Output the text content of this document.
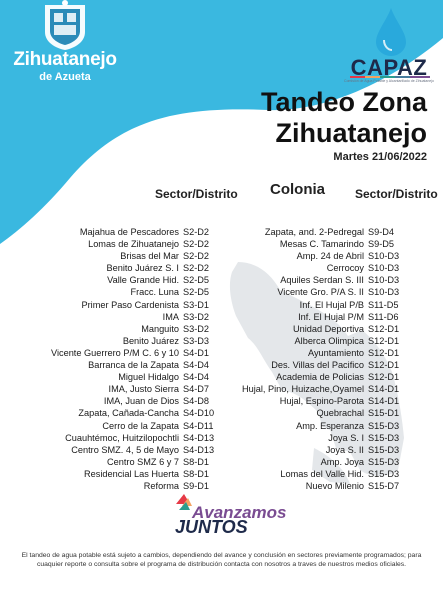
Zihuatanejo
de Azueta	CAPAZ
Comisión de Agua Potable y Alcantarillado de Zihuatanejo
Tandeo Zona
Zihuatanejo
Martes 21/06/2022
Sector/Distrito Colonia	Sector/Distrito
Majahua de Pescadores
Lomas de Zihuatanejo
Brisas del Mar
Benito Juárez S. I
Valle Grande Hid.
Fracc. Luna
Primer Paso Cardenista
IMA
Manguito
Benito Juárez
Vicente Guerrero P/M C. 6 y 10
Barranca de la Zapata
Miguel Hidalgo
IMA, Justo Sierra
IMA, Juan de Dios
Zapata, Cañada-Cancha
Cerro de la Zapata
Cuauhtémoc, Huitzilopochtli
Centro SMZ. 4, 5 de Mayo
Centro SMZ 6 y 7
Residencial Las Huerta
Reforma
S2-D2
S2-D2
S2-D2
S2-D2
S2-D5
S2-D5
S3-D1
S3-D2
S3-D2
S3-D3
S4-D1
S4-D4
S4-D4
S4-D7
S4-D8
S4-D10
S4-D11
S4-D13
S4-D13
S8-D1
S8-D1
S9-D1
Zapata, and. 2-Pedregal
Mesas C. Tamarindo
Amp. 24 de Abril
Cerrocoy
Aquiles Serdan S. III
Vicente Gro. P/A S. II
Inf. El Hujal P/B
Inf. El Hujal P/M
Unidad Deportiva
Alberca Olimpica
Ayuntamiento
Des. Villas del Pacifico
Academia de Policias
Hujal, Pino, Huizache,Oyamel
Hujal, Espino-Parota
Quebrachal
Amp. Esperanza
Joya S. I
Joya S. II
Amp. Joya
Lomas del Valle Hid.
Nuevo Milenio
S9-D4
S9-D5
S10-D3
S10-D3
S10-D3
S10-D3
S11-D5
S11-D6
S12-D1
S12-D1
S12-D1
S12-D1
S12-D1
S14-D1
S14-D1
S15-D1
S15-D3
S15-D3
S15-D3
S15-D3
S15-D3
S15-D7
Avanzamos
JUNTOS
El tandeo de agua potable está sujeto a cambios, dependiendo del avance y conclusión en sectores previamente programados; para cuaquier reporte o consulta sobre el programa de distribución contacta con nosotros a traves de nuestros medios oficiales.
